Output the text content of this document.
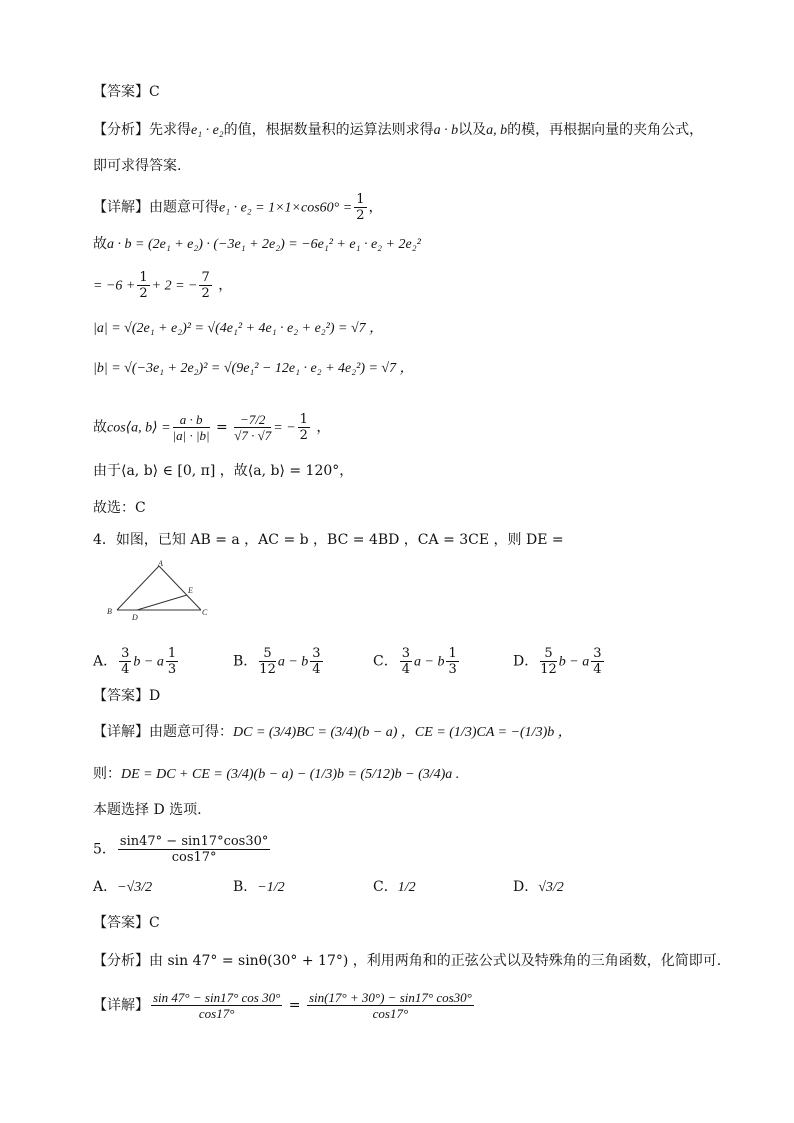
【答案】C
【分析】先求得e₁ · e₂的值，根据数量积的运算法则求得a · b以及a, b的模，再根据向量的夹角公式，
即可求得答案.
【详解】由题意可得$e_1 \cdot e_2 = 1\times 1\times\cos 60^\circ = \frac{1}{2}$ ，
故a · b = (2e₁ + e₂) · (−3e₁ + 2e₂) = −6e₁² + e₁ · e₂ + 2e₂²
= $-6 + \frac{1}{2} + 2$ = − $\frac{7}{2}$ ，
|a| = √(2e₁ + e₂)² = √(4e₁² + 4e₁ · e₂ + e₂²) = √7 ，
|b| = √(−3e₁ + 2e₂)² = √(9e₁² − 12e₁ · e₂ + 4e₂²) = √7 ，
故cos⟨a, b⟩ = $\frac{a \cdot b}{|a| \cdot |b|} = \frac{-7/2}{√7 \cdot √7}$ = − $\frac{1}{2}$ ，
由于⟨a, b⟩ ∈ [0, π] ，故⟨a, b⟩ = 120°，
故选：C
4．如图，已知 AB = a ，AC = b ，BC = 4BD ，CA = 3CE ，则 DE =
A
B	C
D
E
A． $\frac{3}{4}$ b − a $\frac{1}{3}$	B． $\frac{5}{12}$ a − b $\frac{3}{4}$	C． $\frac{3}{4}$ a − b $\frac{1}{3}$	D． $\frac{5}{12}$ b − a $\frac{3}{4}$
【答案】D
【详解】由题意可得：DC = (3/4)BC = (3/4)(b − a) ，CE = (1/3)CA = −(1/3)b ，
则：DE = DC + CE = (3/4)(b − a) − (1/3)b = (5/12)b − (3/4)a .
本题选择 D 选项.
5． $\frac{\sin 47^\circ - \sin 17^\circ\cos 30^\circ}{\cos 17^\circ}$
A．−√3/2	B．−1/2	C．1/2	D．√3/2
【答案】C
【分析】由 sin 47° = sinθ(30° + 17°) ，利用两角和的正弦公式以及特殊角的三角函数，化简即可.
【详解】 $\frac{\sin 47^\circ - \sin 17^\circ \cos 30^\circ}{\cos 17^\circ} = \frac{\sin(17^\circ + 30^\circ) - \sin 17^\circ \cos 30^\circ}{\cos 17^\circ}$
